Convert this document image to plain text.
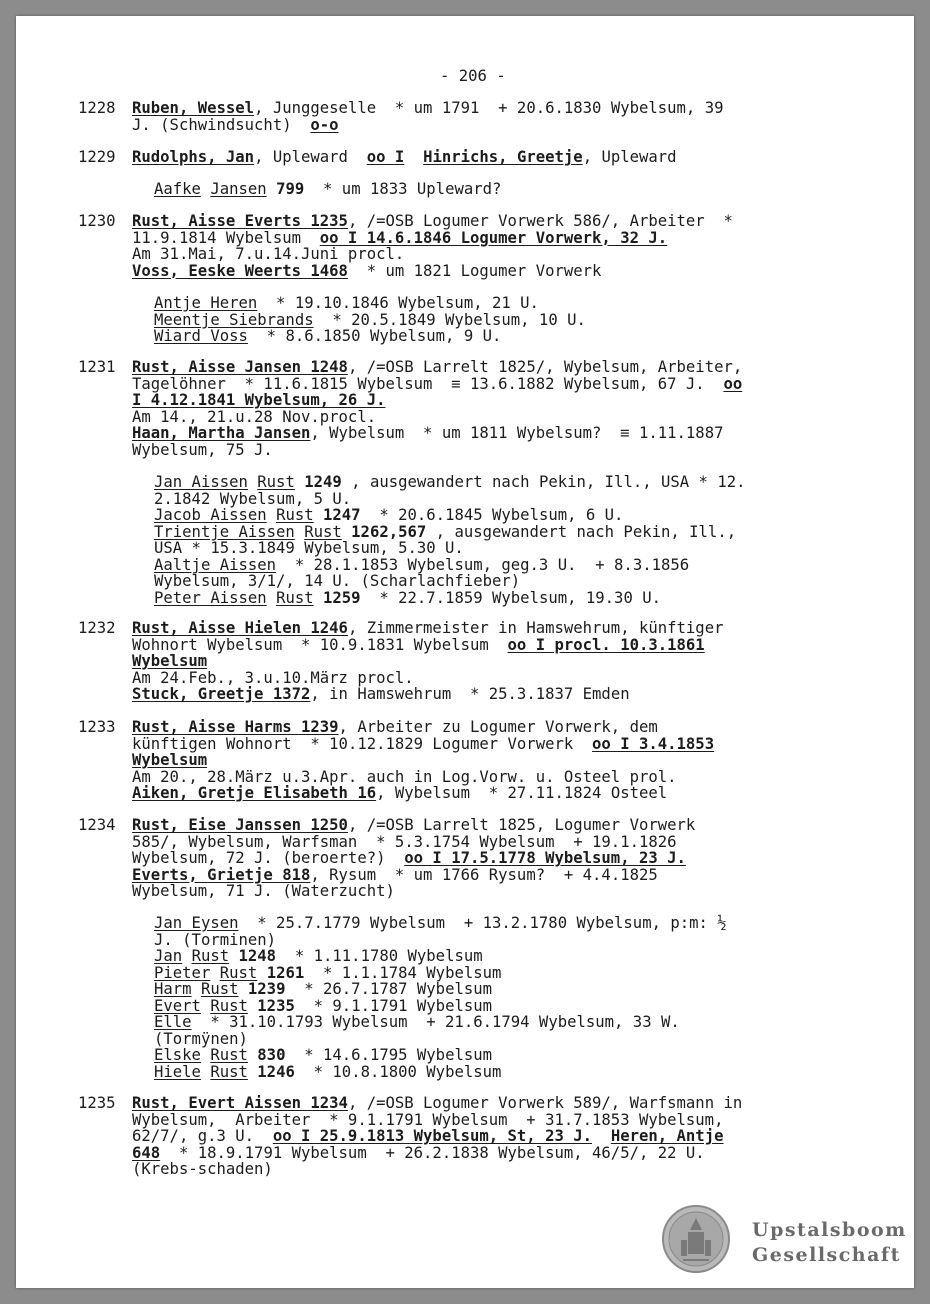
- 206 -
Upstalsboom
Gesellschaft
1228 Ruben, Wessel, Junggeselle  * um 1791  + 20.6.1830 Wybelsum, 39
J. (Schwindsucht)  o-o
1229 Rudolphs, Jan, Upleward  oo I Hinrichs, Greetje, Upleward
Aafke Jansen 799  * um 1833 Upleward?
1230 Rust, Aisse Everts 1235, /=OSB Logumer Vorwerk 586/, Arbeiter  *
11.9.1814 Wybelsum  oo I 14.6.1846 Logumer Vorwerk, 32 J.
Am 31.Mai, 7.u.14.Juni procl.
Voss, Eeske Weerts 1468  * um 1821 Logumer Vorwerk
Antje Heren  * 19.10.1846 Wybelsum, 21 U.
Meentje Siebrands  * 20.5.1849 Wybelsum, 10 U.
Wiard Voss  * 8.6.1850 Wybelsum, 9 U.
1231 Rust, Aisse Jansen 1248, /=OSB Larrelt 1825/, Wybelsum, Arbeiter,
Tagelöhner  * 11.6.1815 Wybelsum  ≡ 13.6.1882 Wybelsum, 67 J.  oo
I 4.12.1841 Wybelsum, 26 J.
Am 14., 21.u.28 Nov.procl.
Haan, Martha Jansen, Wybelsum  * um 1811 Wybelsum?  ≡ 1.11.1887
Wybelsum, 75 J.
Jan Aissen Rust 1249 , ausgewandert nach Pekin, Ill., USA * 12.
2.1842 Wybelsum, 5 U.
Jacob Aissen Rust 1247  * 20.6.1845 Wybelsum, 6 U.
Trientje Aissen Rust 1262,567 , ausgewandert nach Pekin, Ill.,
USA * 15.3.1849 Wybelsum, 5.30 U.
Aaltje Aissen  * 28.1.1853 Wybelsum, geg.3 U.  + 8.3.1856
Wybelsum, 3/1/, 14 U. (Scharlachfieber)
Peter Aissen Rust 1259  * 22.7.1859 Wybelsum, 19.30 U.
1232 Rust, Aisse Hielen 1246, Zimmermeister in Hamswehrum, künftiger
Wohnort Wybelsum  * 10.9.1831 Wybelsum  oo I procl. 10.3.1861
Wybelsum
Am 24.Feb., 3.u.10.März procl.
Stuck, Greetje 1372, in Hamswehrum  * 25.3.1837 Emden
1233 Rust, Aisse Harms 1239, Arbeiter zu Logumer Vorwerk, dem
künftigen Wohnort  * 10.12.1829 Logumer Vorwerk  oo I 3.4.1853
Wybelsum
Am 20., 28.März u.3.Apr. auch in Log.Vorw. u. Osteel prol.
Aiken, Gretje Elisabeth 16, Wybelsum  * 27.11.1824 Osteel
1234 Rust, Eise Janssen 1250, /=OSB Larrelt 1825, Logumer Vorwerk
585/, Wybelsum, Warfsman  * 5.3.1754 Wybelsum  + 19.1.1826
Wybelsum, 72 J. (beroerte?)  oo I 17.5.1778 Wybelsum, 23 J.
Everts, Grietje 818, Rysum  * um 1766 Rysum?  + 4.4.1825
Wybelsum, 71 J. (Waterzucht)
Jan Eysen  * 25.7.1779 Wybelsum  + 13.2.1780 Wybelsum, p:m: ½
J. (Torminen)
Jan Rust 1248  * 1.11.1780 Wybelsum
Pieter Rust 1261  * 1.1.1784 Wybelsum
Harm Rust 1239  * 26.7.1787 Wybelsum
Evert Rust 1235  * 9.1.1791 Wybelsum
Elle  * 31.10.1793 Wybelsum  + 21.6.1794 Wybelsum, 33 W.
(Tormÿnen)
Elske Rust 830  * 14.6.1795 Wybelsum
Hiele Rust 1246  * 10.8.1800 Wybelsum
1235 Rust, Evert Aissen 1234, /=OSB Logumer Vorwerk 589/, Warfsmann in
Wybelsum,  Arbeiter  * 9.1.1791 Wybelsum  + 31.7.1853 Wybelsum,
62/7/, g.3 U.  oo I 25.9.1813 Wybelsum, St, 23 J. Heren, Antje
648  * 18.9.1791 Wybelsum  + 26.2.1838 Wybelsum, 46/5/, 22 U.
(Krebs-schaden)
